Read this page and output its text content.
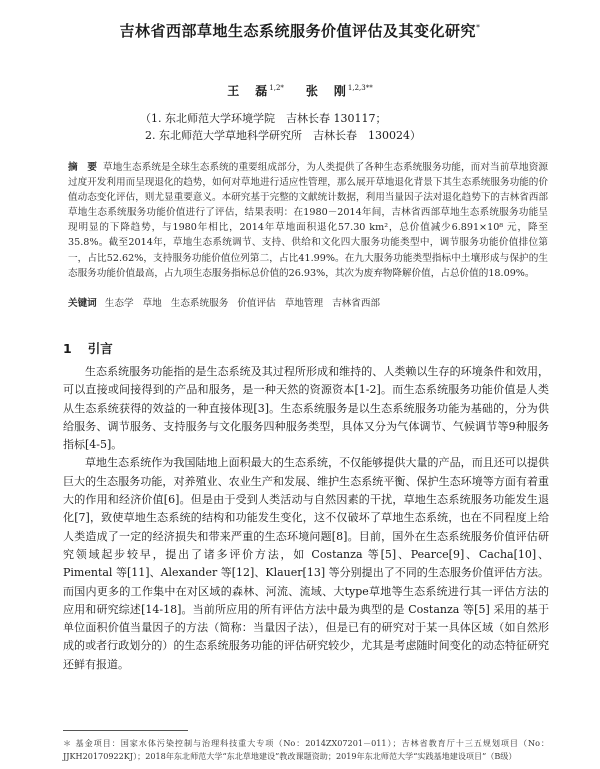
吉林省西部草地生态系统服务价值评估及其变化研究*
王　磊$^{1,2*}$ 张　刚$^{1,2,3**}$
（1. 东北师范大学环境学院　吉林长春 130117；
2. 东北师范大学草地科学研究所　吉林长春　130024）
摘　要 草地生态系统是全球生态系统的重要组成部分，为人类提供了各种生态系统服务功能，而对当前草地资源过度开发利用而呈现退化的趋势，如何对草地进行适应性管理，那么展开草地退化背景下其生态系统服务功能的价值动态变化评估，则尤显重要意义。本研究基于完整的文献统计数据，利用当量因子法对退化趋势下的吉林省西部草地生态系统服务功能价值进行了评估，结果表明：在1980－2014年间，吉林省西部草地生态系统服务功能呈现明显的下降趋势，与1980年相比，2014年草地面积退化57.30 km²，总价值减少6.891×10⁸ 元，降至35.8%。截至2014年，草地生态系统调节、支持、供给和文化四大服务功能类型中，调节服务功能价值排位第一，占比52.62%，支持服务功能价值位列第二，占比41.99%。在九大服务功能类型指标中土壤形成与保护的生态服务功能价值最高，占九项生态服务指标总价值的26.93%，其次为废弃物降解价值，占总价值的18.09%。
关键词 生态学 草地 生态系统服务 价值评估 草地管理 吉林省西部
1 引言

生态系统服务功能指的是生态系统及其过程所形成和维持的、人类赖以生存的环境条件和效用，可以直接或间接得到的产品和服务，是一种天然的资源资本[1-2]。而生态系统服务功能价值是人类从生态系统获得的效益的一种直接体现[3]。生态系统服务是以生态系统服务功能为基础的，分为供给服务、调节服务、支持服务与文化服务四种服务类型，具体又分为气体调节、气候调节等9种服务指标[4-5]。

草地生态系统作为我国陆地上面积最大的生态系统，不仅能够提供大量的产品，而且还可以提供巨大的生态服务功能，对养殖业、农业生产和发展、维护生态系统平衡、保护生态环境等方面有着重大的作用和经济价值[6]。但是由于受到人类活动与自然因素的干扰，草地生态系统服务功能发生退化[7]，致使草地生态系统的结构和功能发生变化，这不仅破坏了草地生态系统，也在不同程度上给人类造成了一定的经济损失和带来严重的生态环境问题[8]。目前，国外在生态系统服务价值评估研究领域起步较早，提出了诸多评价方法，如 Costanza 等[5]、Pearce[9]、Cacha[10]、Pimental 等[11]、Alexander 等[12]、Klauer[13] 等分别提出了不同的生态服务价值评估方法。而国内更多的工作集中在对区域的森林、河流、流域、大type草地等生态系统进行其一评估方法的应用和研究综述[14-18]。当前所应用的所有评估方法中最为典型的是 Costanza 等[5] 采用的基于单位面积价值当量因子的方法（简称：当量因子法），但是已有的研究对于某一具体区域（如自然形成的或者行政划分的）的生态系统服务功能的评估研究较少，尤其是考虑随时间变化的动态特征研究还鲜有报道。

＊ 基金项目：国家水体污染控制与治理科技重大专项（No：2014ZX07201－011）；吉林省教育厅十三五规划项目（No：JJKH20170922KJ）；2018年东北师范大学“东北草地建设”教改课题资助；2019年东北师范大学“实践基地建设项目”（B级）
